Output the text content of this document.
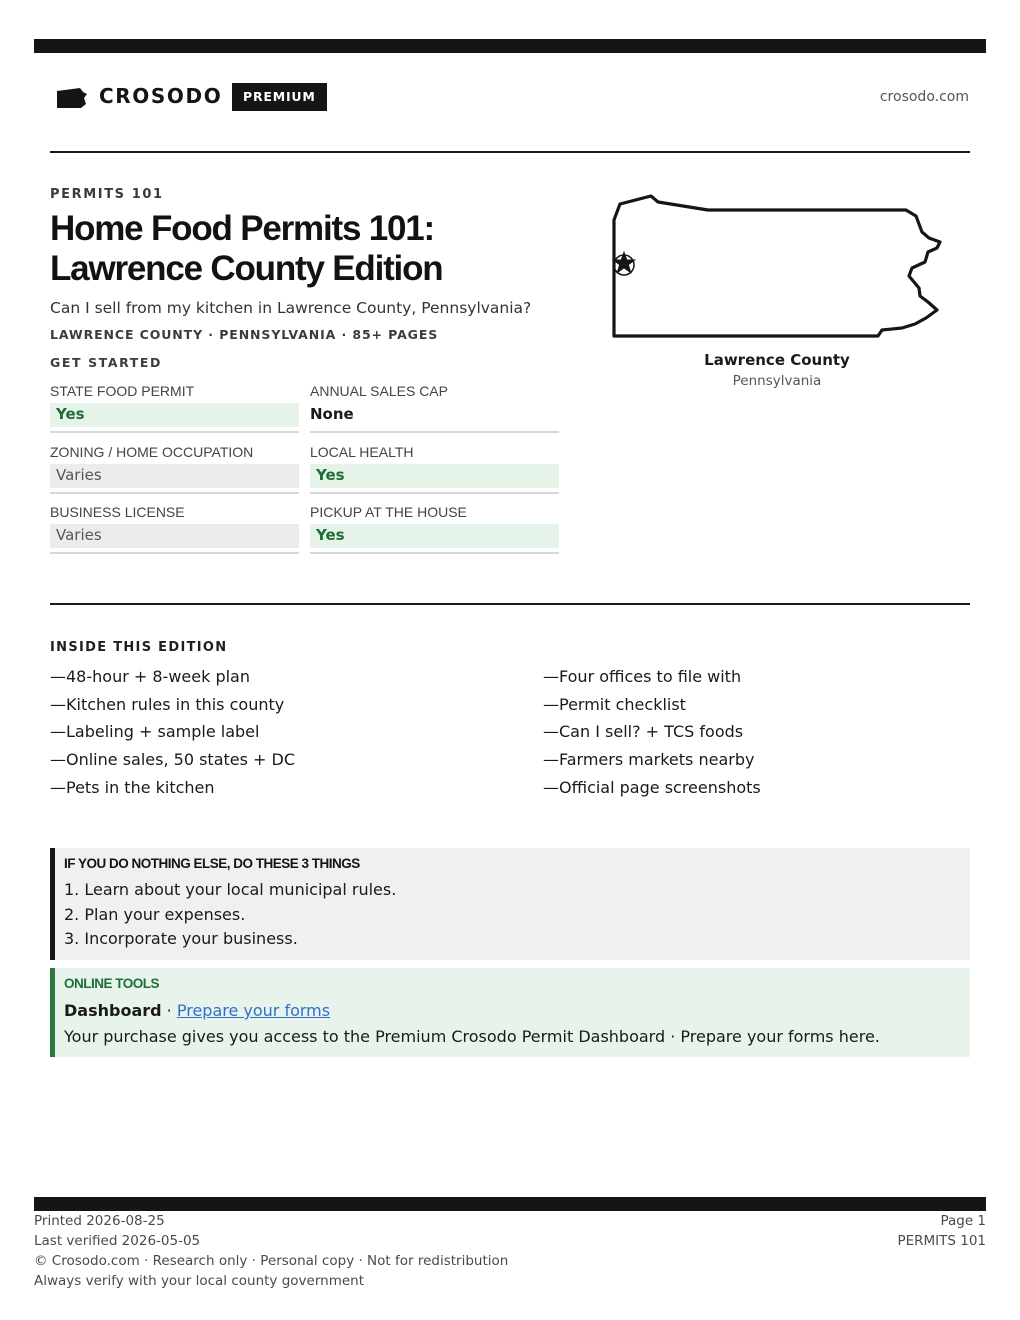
CROSODO	PREMIUM	crosodo.com
PERMITS 101
Home Food Permits 101:
Lawrence County Edition
Can I sell from my kitchen in Lawrence County, Pennsylvania?
LAWRENCE COUNTY · PENNSYLVANIA · 85+ PAGES
GET STARTED
STATE FOOD PERMIT
Yes
ANNUAL SALES CAP
None
ZONING / HOME OCCUPATION
Varies
LOCAL HEALTH
Yes
BUSINESS LICENSE
Varies
PICKUP AT THE HOUSE
Yes
Lawrence County
Pennsylvania
INSIDE THIS EDITION
—48-hour + 8-week plan
—Kitchen rules in this county
—Labeling + sample label
—Online sales, 50 states + DC
—Pets in the kitchen
—Four offices to file with
—Permit checklist
—Can I sell? + TCS foods
—Farmers markets nearby
—Official page screenshots
IF YOU DO NOTHING ELSE, DO THESE 3 THINGS
1. Learn about your local municipal rules.
2. Plan your expenses.
3. Incorporate your business.
ONLINE TOOLS
Dashboard · Prepare your forms
Your purchase gives you access to the Premium Crosodo Permit Dashboard · Prepare your forms here.
Printed 2026-08-25
Last verified 2026-05-05
© Crosodo.com · Research only · Personal copy · Not for redistribution
Always verify with your local county government
Page 1
PERMITS 101
